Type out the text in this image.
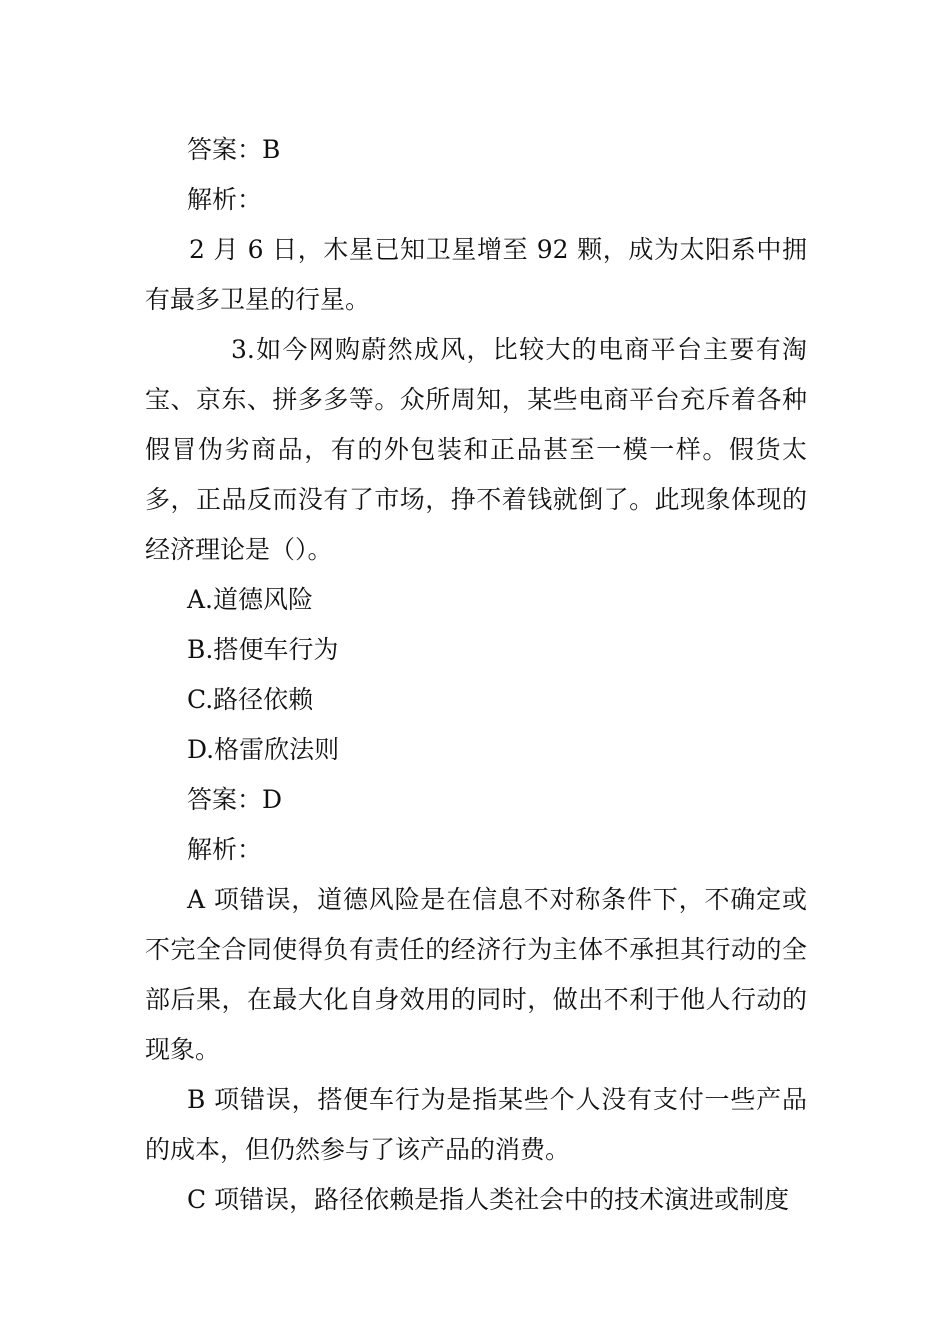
答案：B

解析：

2 月 6 日，木星已知卫星增至 92 颗，成为太阳系中拥有最多卫星的行星。

3.如今网购蔚然成风，比较大的电商平台主要有淘宝、京东、拼多多等。众所周知，某些电商平台充斥着各种假冒伪劣商品，有的外包装和正品甚至一模一样。假货太多，正品反而没有了市场，挣不着钱就倒了。此现象体现的经济理论是（）。

A.道德风险

B.搭便车行为

C.路径依赖

D.格雷欣法则

答案：D

解析：

A 项错误，道德风险是在信息不对称条件下，不确定或不完全合同使得负有责任的经济行为主体不承担其行动的全部后果，在最大化自身效用的同时，做出不利于他人行动的现象。

B 项错误，搭便车行为是指某些个人没有支付一些产品的成本，但仍然参与了该产品的消费。

C 项错误，路径依赖是指人类社会中的技术演进或制度
